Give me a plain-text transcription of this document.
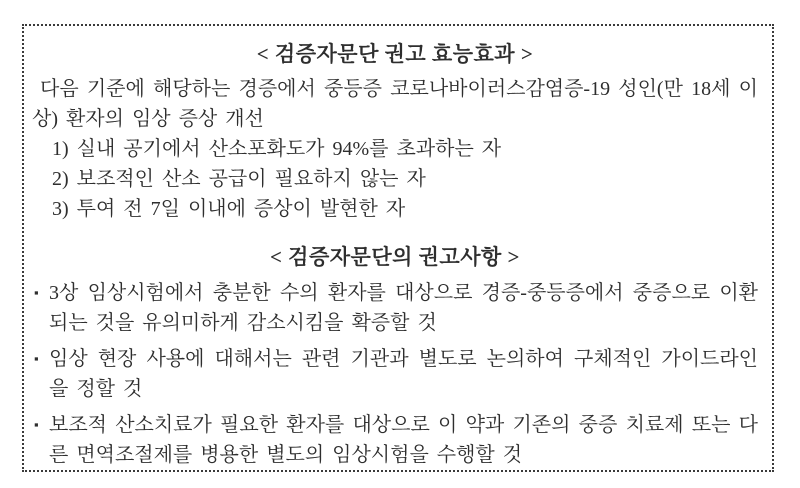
< 검증자문단 권고 효능효과 >

다음 기준에 해당하는 경증에서 중등증 코로나바이러스감염증-19 성인(만 18세 이상) 환자의 임상 증상 개선

1) 실내 공기에서 산소포화도가 94%를 초과하는 자
2) 보조적인 산소 공급이 필요하지 않는 자
3) 투여 전 7일 이내에 증상이 발현한 자
< 검증자문단의 권고사항 >
▪ 3상 임상시험에서 충분한 수의 환자를 대상으로 경증-중등증에서 중증으로 이환되는 것을 유의미하게 감소시킴을 확증할 것
▪ 임상 현장 사용에 대해서는 관련 기관과 별도로 논의하여 구체적인 가이드라인을 정할 것
▪ 보조적 산소치료가 필요한 환자를 대상으로 이 약과 기존의 중증 치료제 또는 다른 면역조절제를 병용한 별도의 임상시험을 수행할 것
